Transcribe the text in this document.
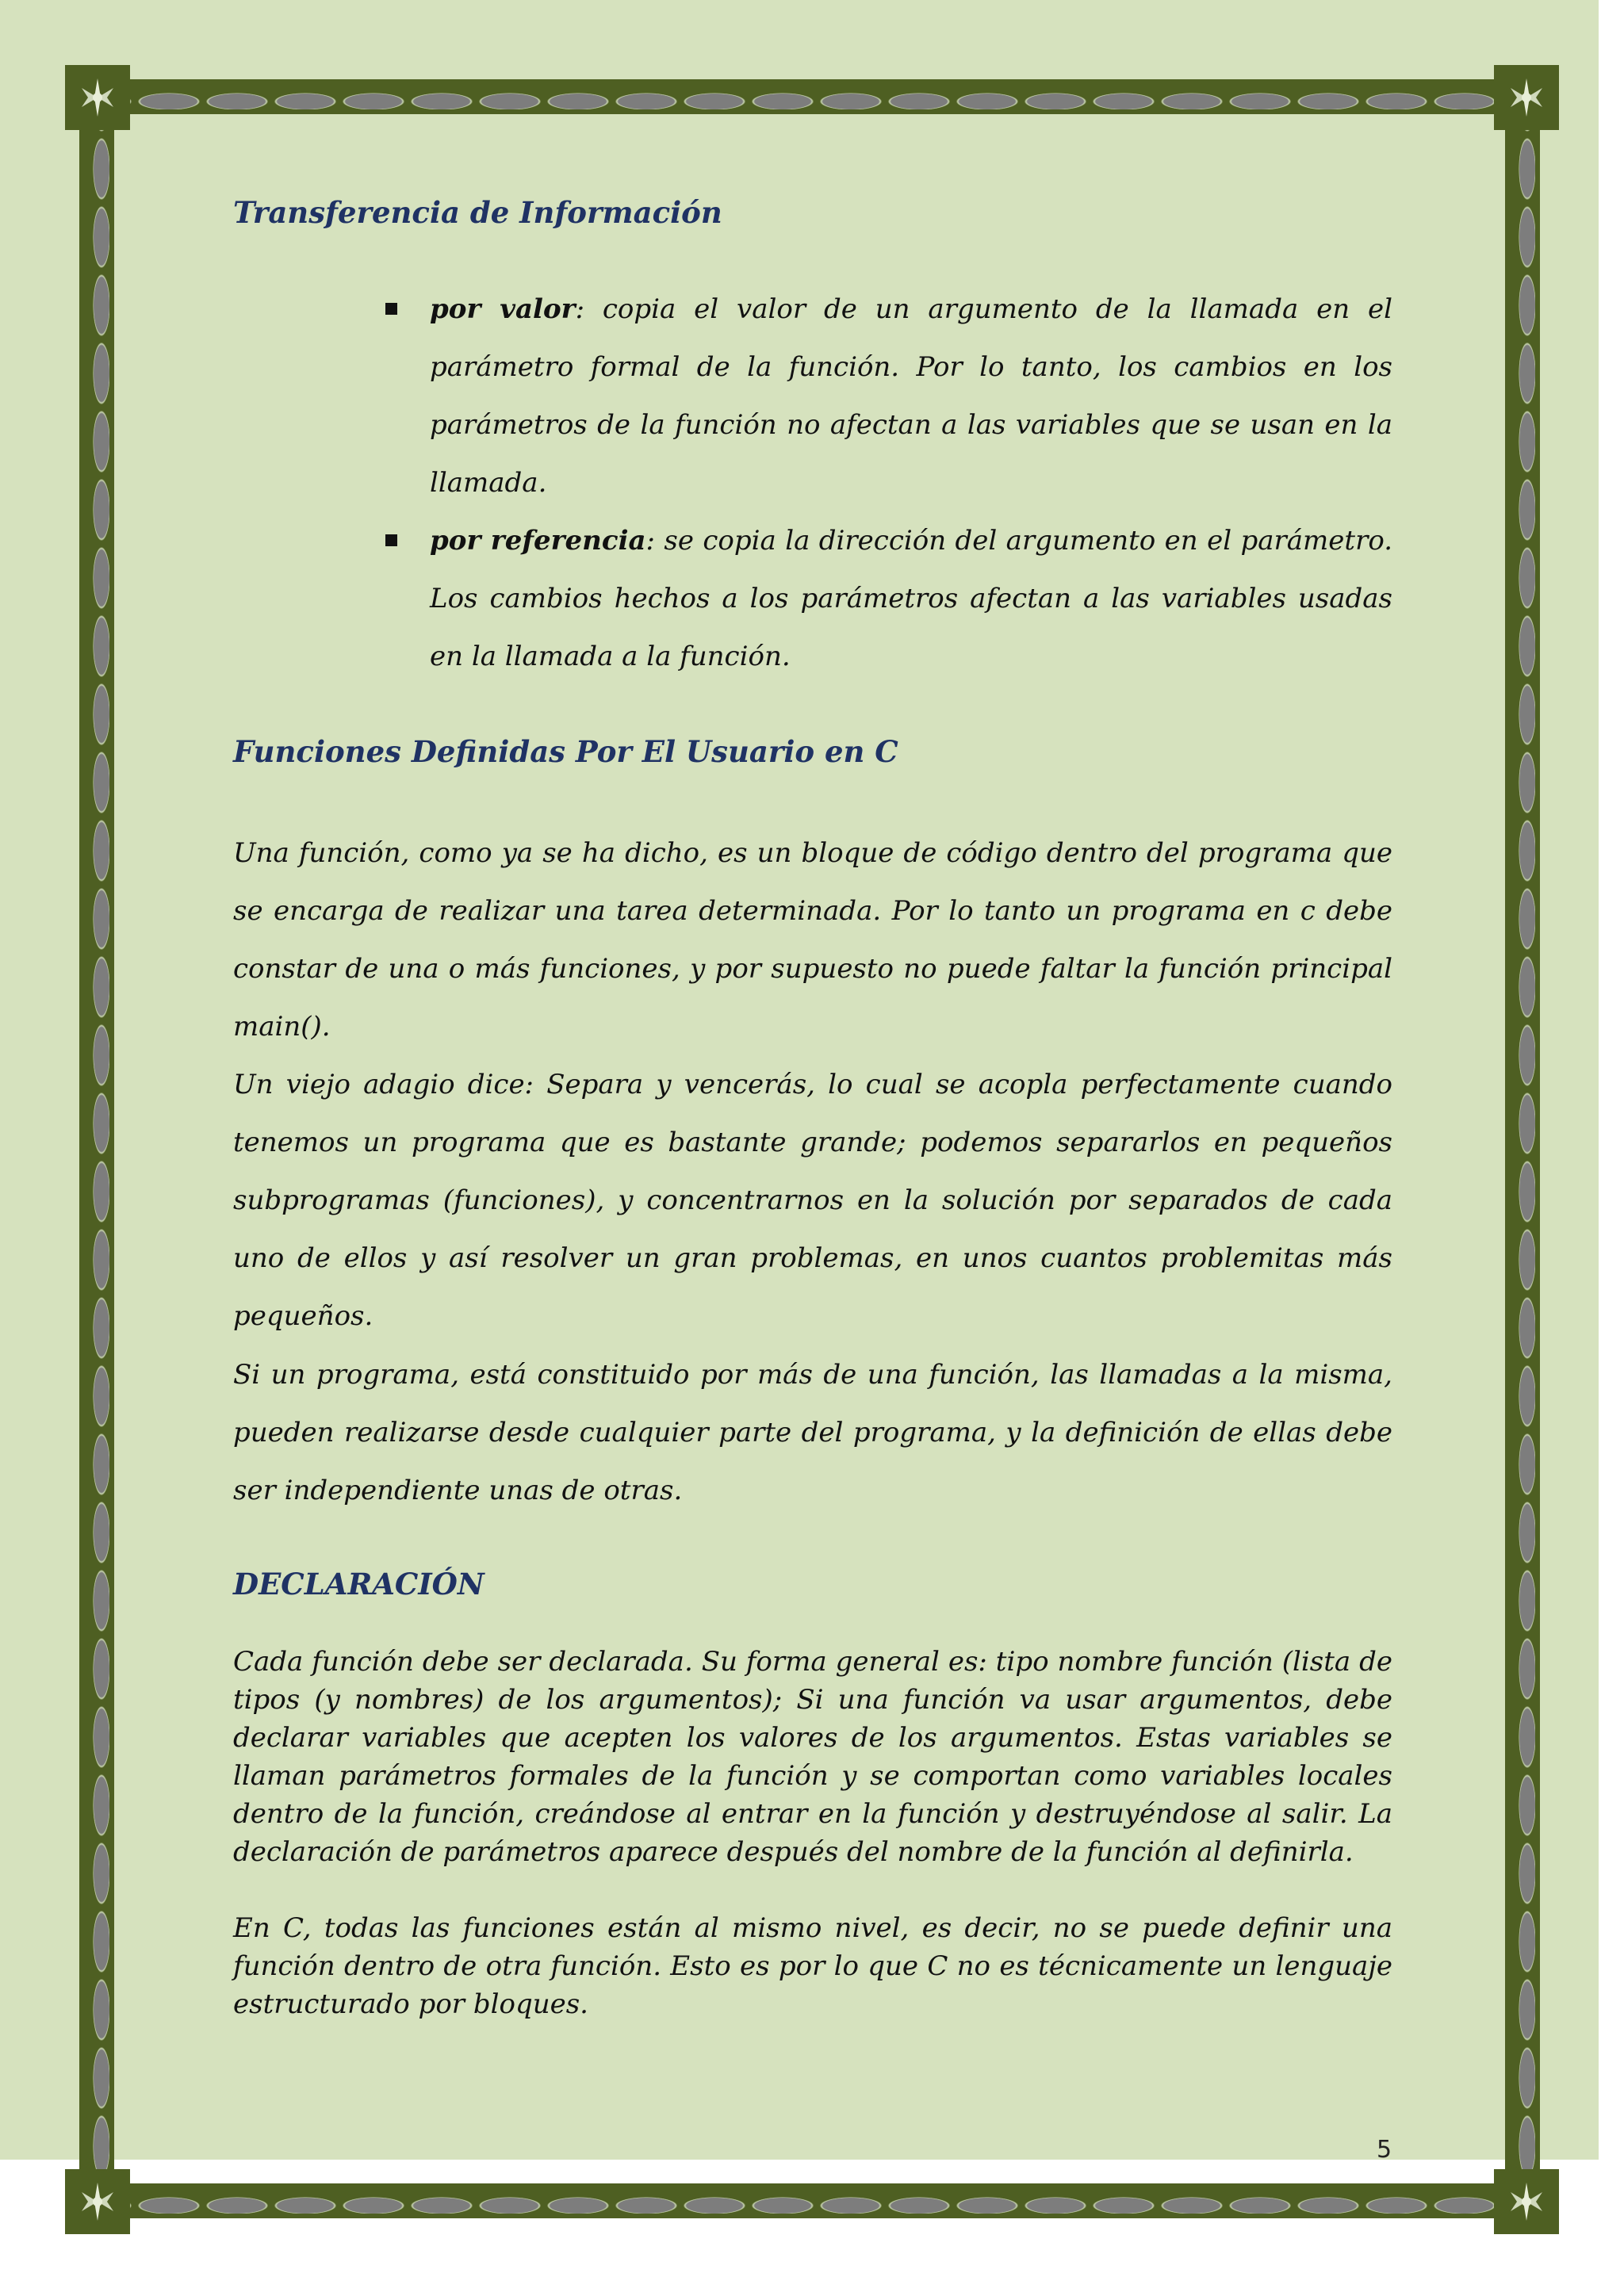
Transferencia de Información
por valor: copia el valor de un argumento de la llamada en el parámetro formal de la función. Por lo tanto, los cambios en los parámetros de la función no afectan a las variables que se usan en la llamada.
por referencia: se copia la dirección del argumento en el parámetro. Los cambios hechos a los parámetros afectan a las variables usadas en la llamada a la función.
Funciones Definidas Por El Usuario en C

Una función, como ya se ha dicho, es un bloque de código dentro del programa que se encarga de realizar una tarea determinada. Por lo tanto un programa en c debe constar de una o más funciones, y por supuesto no puede faltar la función principal main().

Un viejo adagio dice: Separa y vencerás, lo cual se acopla perfectamente cuando tenemos un programa que es bastante grande; podemos separarlos en pequeños subprogramas (funciones), y concentrarnos en la solución por separados de cada uno de ellos y así resolver un gran problemas, en unos cuantos problemitas más pequeños.

Si un programa, está constituido por más de una función, las llamadas a la misma, pueden realizarse desde cualquier parte del programa, y la definición de ellas debe ser independiente unas de otras.

DECLARACIÓN

Cada función debe ser declarada. Su forma general es: tipo nombre función (lista de tipos (y nombres) de los argumentos); Si una función va usar argumentos, debe declarar variables que acepten los valores de los argumentos. Estas variables se llaman parámetros formales de la función y se comportan como variables locales dentro de la función, creándose al entrar en la función y destruyéndose al salir. La declaración de parámetros aparece después del nombre de la función al definirla.

En C, todas las funciones están al mismo nivel, es decir, no se puede definir una función dentro de otra función. Esto es por lo que C no es técnicamente un lenguaje estructurado por bloques.

5
